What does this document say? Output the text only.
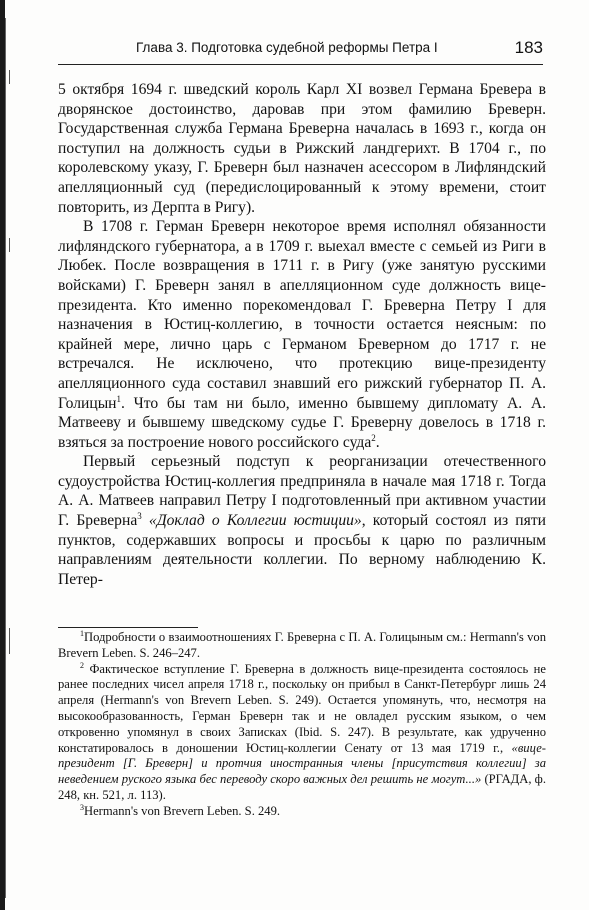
Глава 3. Подготовка судебной реформы Петра I	183

5 октября 1694 г. шведский король Карл XI возвел Германа Бревера в дворянское достоинство, даровав при этом фамилию Бреверн. Государственная служба Германа Бреверна началась в 1693 г., когда он поступил на должность судьи в Рижский ландгерихт. В 1704 г., по королевскому указу, Г. Бреверн был назначен асессором в Лифляндский апелляционный суд (передислоцированный к этому времени, стоит повторить, из Дерпта в Ригу).

В 1708 г. Герман Бреверн некоторое время исполнял обязанности лифляндского губернатора, а в 1709 г. выехал вместе с семьей из Риги в Любек. После возвращения в 1711 г. в Ригу (уже занятую русскими войсками) Г. Бреверн занял в апелляционном суде должность вице-президента. Кто именно порекомендовал Г. Бреверна Петру I для назначения в Юстиц-коллегию, в точности остается неясным: по крайней мере, лично царь с Германом Бреверном до 1717 г. не встречался. Не исключено, что протекцию вице-президенту апелляционного суда составил знавший его рижский губернатор П. А. Голицын$^1$. Что бы там ни было, именно бывшему дипломату А. А. Матвееву и бывшему шведскому судье Г. Бреверну довелось в 1718 г. взяться за построение нового российского суда$^2$.

Первый серьезный подступ к реорганизации отечественного судоустройства Юстиц-коллегия предприняла в начале мая 1718 г. Тогда А. А. Матвеев направил Петру I подготовленный при активном участии Г. Бреверна$^3$ «Доклад о Коллегии юстиции», который состоял из пяти пунктов, содержавших вопросы и просьбы к царю по различным направлениям деятельности коллегии. По верному наблюдению К. Петер-

$^1$Подробности о взаимоотношениях Г. Бреверна с П. А. Голицыным см.: Hermann's von Brevern Leben. S. 246–247.

$^2$ Фактическое вступление Г. Бреверна в должность вице-президента состоялось не ранее последних чисел апреля 1718 г., поскольку он прибыл в Санкт-Петербург лишь 24 апреля (Hermann's von Brevern Leben. S. 249). Остается упомянуть, что, несмотря на высокообразованность, Герман Бреверн так и не овладел русским языком, о чем откровенно упомянул в своих Записках (Ibid. S. 247). В результате, как удрученно констатировалось в доношении Юстиц-коллегии Сенату от 13 мая 1719 г., «вице-президент [Г. Бреверн] и протчия иностранныя члены [присутствия коллегии] за неведением руского языка бес переводу скоро важных дел решить не могут...» (РГАДА, ф. 248, кн. 521, л. 113).

$^3$Hermann's von Brevern Leben. S. 249.
